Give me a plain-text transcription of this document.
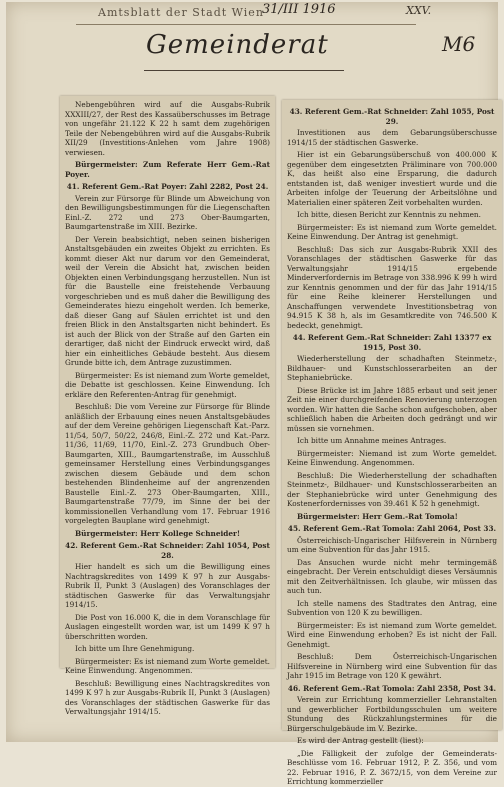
Amtsblatt der Stadt Wien
31/III 1916	XXV.
Gemeinderat	M6

Nebengebühren wird auf die Ausgabs-Rubrik XXXIII/27, der Rest des Kassaüberschusses im Betrage von ungefähr 21.122 K 22 h samt dem zugehörigen Teile der Nebengebühren wird auf die Ausgabs-Rubrik XII/29 (Investitions-Anlehen vom Jahre 1908) verwiesen.

Bürgermeister: Zum Referate Herr Gem.-Rat Poyer.

41. Referent Gem.-Rat Poyer: Zahl 2282, Post 24.

Verein zur Fürsorge für Blinde um Abweichung von den Bewilligungsbestimmungen für die Liegenschaften Einl.-Z. 272 und 273 Ober-Baumgarten, Baumgartenstraße im XIII. Bezirke.

Der Verein beabsichtigt, neben seinen bisherigen Anstaltsgebäuden ein zweites Objekt zu errichten. Es kommt dieser Akt nur darum vor den Gemeinderat, weil der Verein die Absicht hat, zwischen beiden Objekten einen Verbindungsgang herzustellen. Nun ist für die Baustelle eine freistehende Verbauung vorgeschrieben und es muß daher die Bewilligung des Gemeinderates hiezu eingeholt werden. Ich bemerke, daß dieser Gang auf Säulen errichtet ist und den freien Blick in den Anstaltsgarten nicht behindert. Es ist auch der Blick von der Straße auf den Garten ein derartiger, daß nicht der Eindruck erweckt wird, daß hier ein einheitliches Gebäude besteht. Aus diesem Grunde bitte ich, dem Antrage zuzustimmen.

Bürgermeister: Es ist niemand zum Worte gemeldet, die Debatte ist geschlossen. Keine Einwendung. Ich erkläre den Referenten-Antrag für genehmigt.

Beschluß: Die vom Vereine zur Fürsorge für Blinde anläßlich der Erbauung eines neuen Anstaltsgebäudes auf der dem Vereine gehörigen Liegenschaft Kat.-Parz. 11/54, 50/7, 50/22, 246/8, Einl.-Z. 272 und Kat.-Parz. 11/36, 11/69, 11/70, Einl.-Z. 273 Grundbuch Ober-Baumgarten, XIII., Baumgartenstraße, im Ausschluß gemeinsamer Herstellung eines Verbindungsganges zwischen diesem Gebäude und dem schon bestehenden Blindenheime auf der angrenzenden Baustelle Einl.-Z. 273 Ober-Baumgarten, XIII., Baumgartenstraße 77/79, im Sinne der bei der kommissionellen Verhandlung vom 17. Februar 1916 vorgelegten Bauplane wird genehmigt.

Bürgermeister: Herr Kollege Schneider!

42. Referent Gem.-Rat Schneider: Zahl 1054, Post 28.

Hier handelt es sich um die Bewilligung eines Nachtragskredites von 1499 K 97 h zur Ausgabs-Rubrik II, Punkt 3 (Auslagen) des Voranschlages der städtischen Gaswerke für das Verwaltungsjahr 1914/15.

Die Post von 16.000 K, die in dem Voranschlage für Auslagen eingestellt worden war, ist um 1499 K 97 h überschritten worden.

Ich bitte um Ihre Genehmigung.

Bürgermeister: Es ist niemand zum Worte gemeldet. Keine Einwendung. Angenommen.

Beschluß: Bewilligung eines Nachtragskredites von 1499 K 97 h zur Ausgabs-Rubrik II, Punkt 3 (Auslagen) des Voranschlages der städtischen Gaswerke für das Verwaltungsjahr 1914/15.

43. Referent Gem.-Rat Schneider: Zahl 1055, Post 29.

Investitionen aus dem Gebarungsüberschusse 1914/15 der städtischen Gaswerke.

Hier ist ein Gebarungsüberschuß von 400.000 K gegenüber dem eingesetzten Präliminare von 700.000 K, das heißt also eine Ersparung, die dadurch entstanden ist, daß weniger investiert wurde und die Arbeiten infolge der Teuerung der Arbeitslöhne und Materialien einer späteren Zeit vorbehalten wurden.

Ich bitte, diesen Bericht zur Kenntnis zu nehmen.

Bürgermeister: Es ist niemand zum Worte gemeldet. Keine Einwendung. Der Antrag ist genehmigt.

Beschluß: Das sich zur Ausgabs-Rubrik XXII des Voranschlages der städtischen Gaswerke für das Verwaltungsjahr 1914/15 ergebende Minderverfordernis im Betrage von 338.996 K 99 h wird zur Kenntnis genommen und der für das Jahr 1914/15 für eine Reihe kleinerer Herstellungen und Anschaffungen verwendete Investitionsbetrag von 94.915 K 38 h, als im Gesamtkredite von 746.500 K bedeckt, genehmigt.

44. Referent Gem.-Rat Schneider: Zahl 13377 ex 1915, Post 30.

Wiederherstellung der schadhaften Steinmetz-, Bildhauer- und Kunstschlosserarbeiten an der Stephaniebrücke.

Diese Brücke ist im Jahre 1885 erbaut und seit jener Zeit nie einer durchgreifenden Renovierung unterzogen worden. Wir hatten die Sache schon aufgeschoben, aber schließlich haben die Arbeiten doch gedrängt und wir müssen sie vornehmen.

Ich bitte um Annahme meines Antrages.

Bürgermeister: Niemand ist zum Worte gemeldet. Keine Einwendung. Angenommen.

Beschluß: Die Wiederherstellung der schadhaften Steinmetz-, Bildhauer- und Kunstschlosserarbeiten an der Stephaniebrücke wird unter Genehmigung des Kostenerfordernisses von 39.461 K 52 h genehmigt.

Bürgermeister: Herr Gem.-Rat Tomola!

45. Referent Gem.-Rat Tomola: Zahl 2064, Post 33.

Österreichisch-Ungarischer Hilfsverein in Nürnberg um eine Subvention für das Jahr 1915.

Das Ansuchen wurde nicht mehr termingemäß eingebracht. Der Verein entschuldigt dieses Versäumnis mit den Zeitverhältnissen. Ich glaube, wir müssen das auch tun.

Ich stelle namens des Stadtrates den Antrag, eine Subvention von 120 K zu bewilligen.

Bürgermeister: Es ist niemand zum Worte gemeldet. Wird eine Einwendung erhoben? Es ist nicht der Fall. Genehmigt.

Beschluß: Dem Österreichisch-Ungarischen Hilfsvereine in Nürnberg wird eine Subvention für das Jahr 1915 im Betrage von 120 K gewährt.

46. Referent Gem.-Rat Tomola: Zahl 2358, Post 34.

Verein zur Errichtung kommerzieller Lehranstalten und gewerblicher Fortbildungsschulen um weitere Stundung des Rückzahlungstermines für die Bürgerschulgebäude im V. Bezirke.

Es wird der Antrag gestellt (liest):

„Die Fälligkeit der zufolge der Gemeinderats-Beschlüsse vom 16. Februar 1912, P. Z. 356, und vom 22. Februar 1916, P. Z. 3672/15, von dem Vereine zur Errichtung kommerzieller
